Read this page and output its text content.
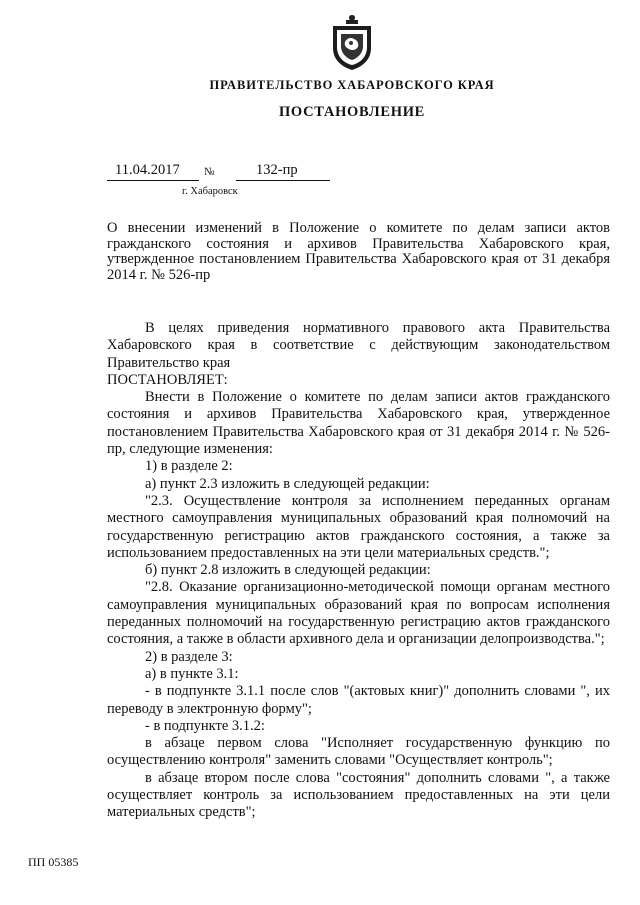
ПРАВИТЕЛЬСТВО ХАБАРОВСКОГО КРАЯ
ПОСТАНОВЛЕНИЕ
11.04.2017 №	132-пр
г. Хабаровск
О внесении изменений в Положение о комитете по делам записи актов гражданского состояния и архивов Правительства Хабаровского края, утвержденное постановлением Правительства Хабаровского края от 31 декабря 2014 г. № 526-пр

В целях приведения нормативного правового акта Правительства Хабаровского края в соответствие с действующим законодательством Правительство края

ПОСТАНОВЛЯЕТ:

Внести в Положение о комитете по делам записи актов гражданского состояния и архивов Правительства Хабаровского края, утвержденное постановлением Правительства Хабаровского края от 31 декабря 2014 г. № 526-пр, следующие изменения:

1) в разделе 2:

а) пункт 2.3 изложить в следующей редакции:

"2.3. Осуществление контроля за исполнением переданных органам местного самоуправления муниципальных образований края полномочий на государственную регистрацию актов гражданского состояния, а также за использованием предоставленных на эти цели материальных средств.";

б) пункт 2.8 изложить в следующей редакции:

"2.8. Оказание организационно-методической помощи органам местного самоуправления муниципальных образований края по вопросам исполнения переданных полномочий на государственную регистрацию актов гражданского состояния, а также в области архивного дела и организации делопроизводства.";

2) в разделе 3:

а) в пункте 3.1:

- в подпункте 3.1.1 после слов "(актовых книг)" дополнить словами ", их переводу в электронную форму";

- в подпункте 3.1.2:

в абзаце первом слова "Исполняет государственную функцию по осуществлению контроля" заменить словами "Осуществляет контроль";

в абзаце втором после слова "состояния" дополнить словами ", а также осуществляет контроль за использованием предоставленных на эти цели материальных средств";

ПП 05385
